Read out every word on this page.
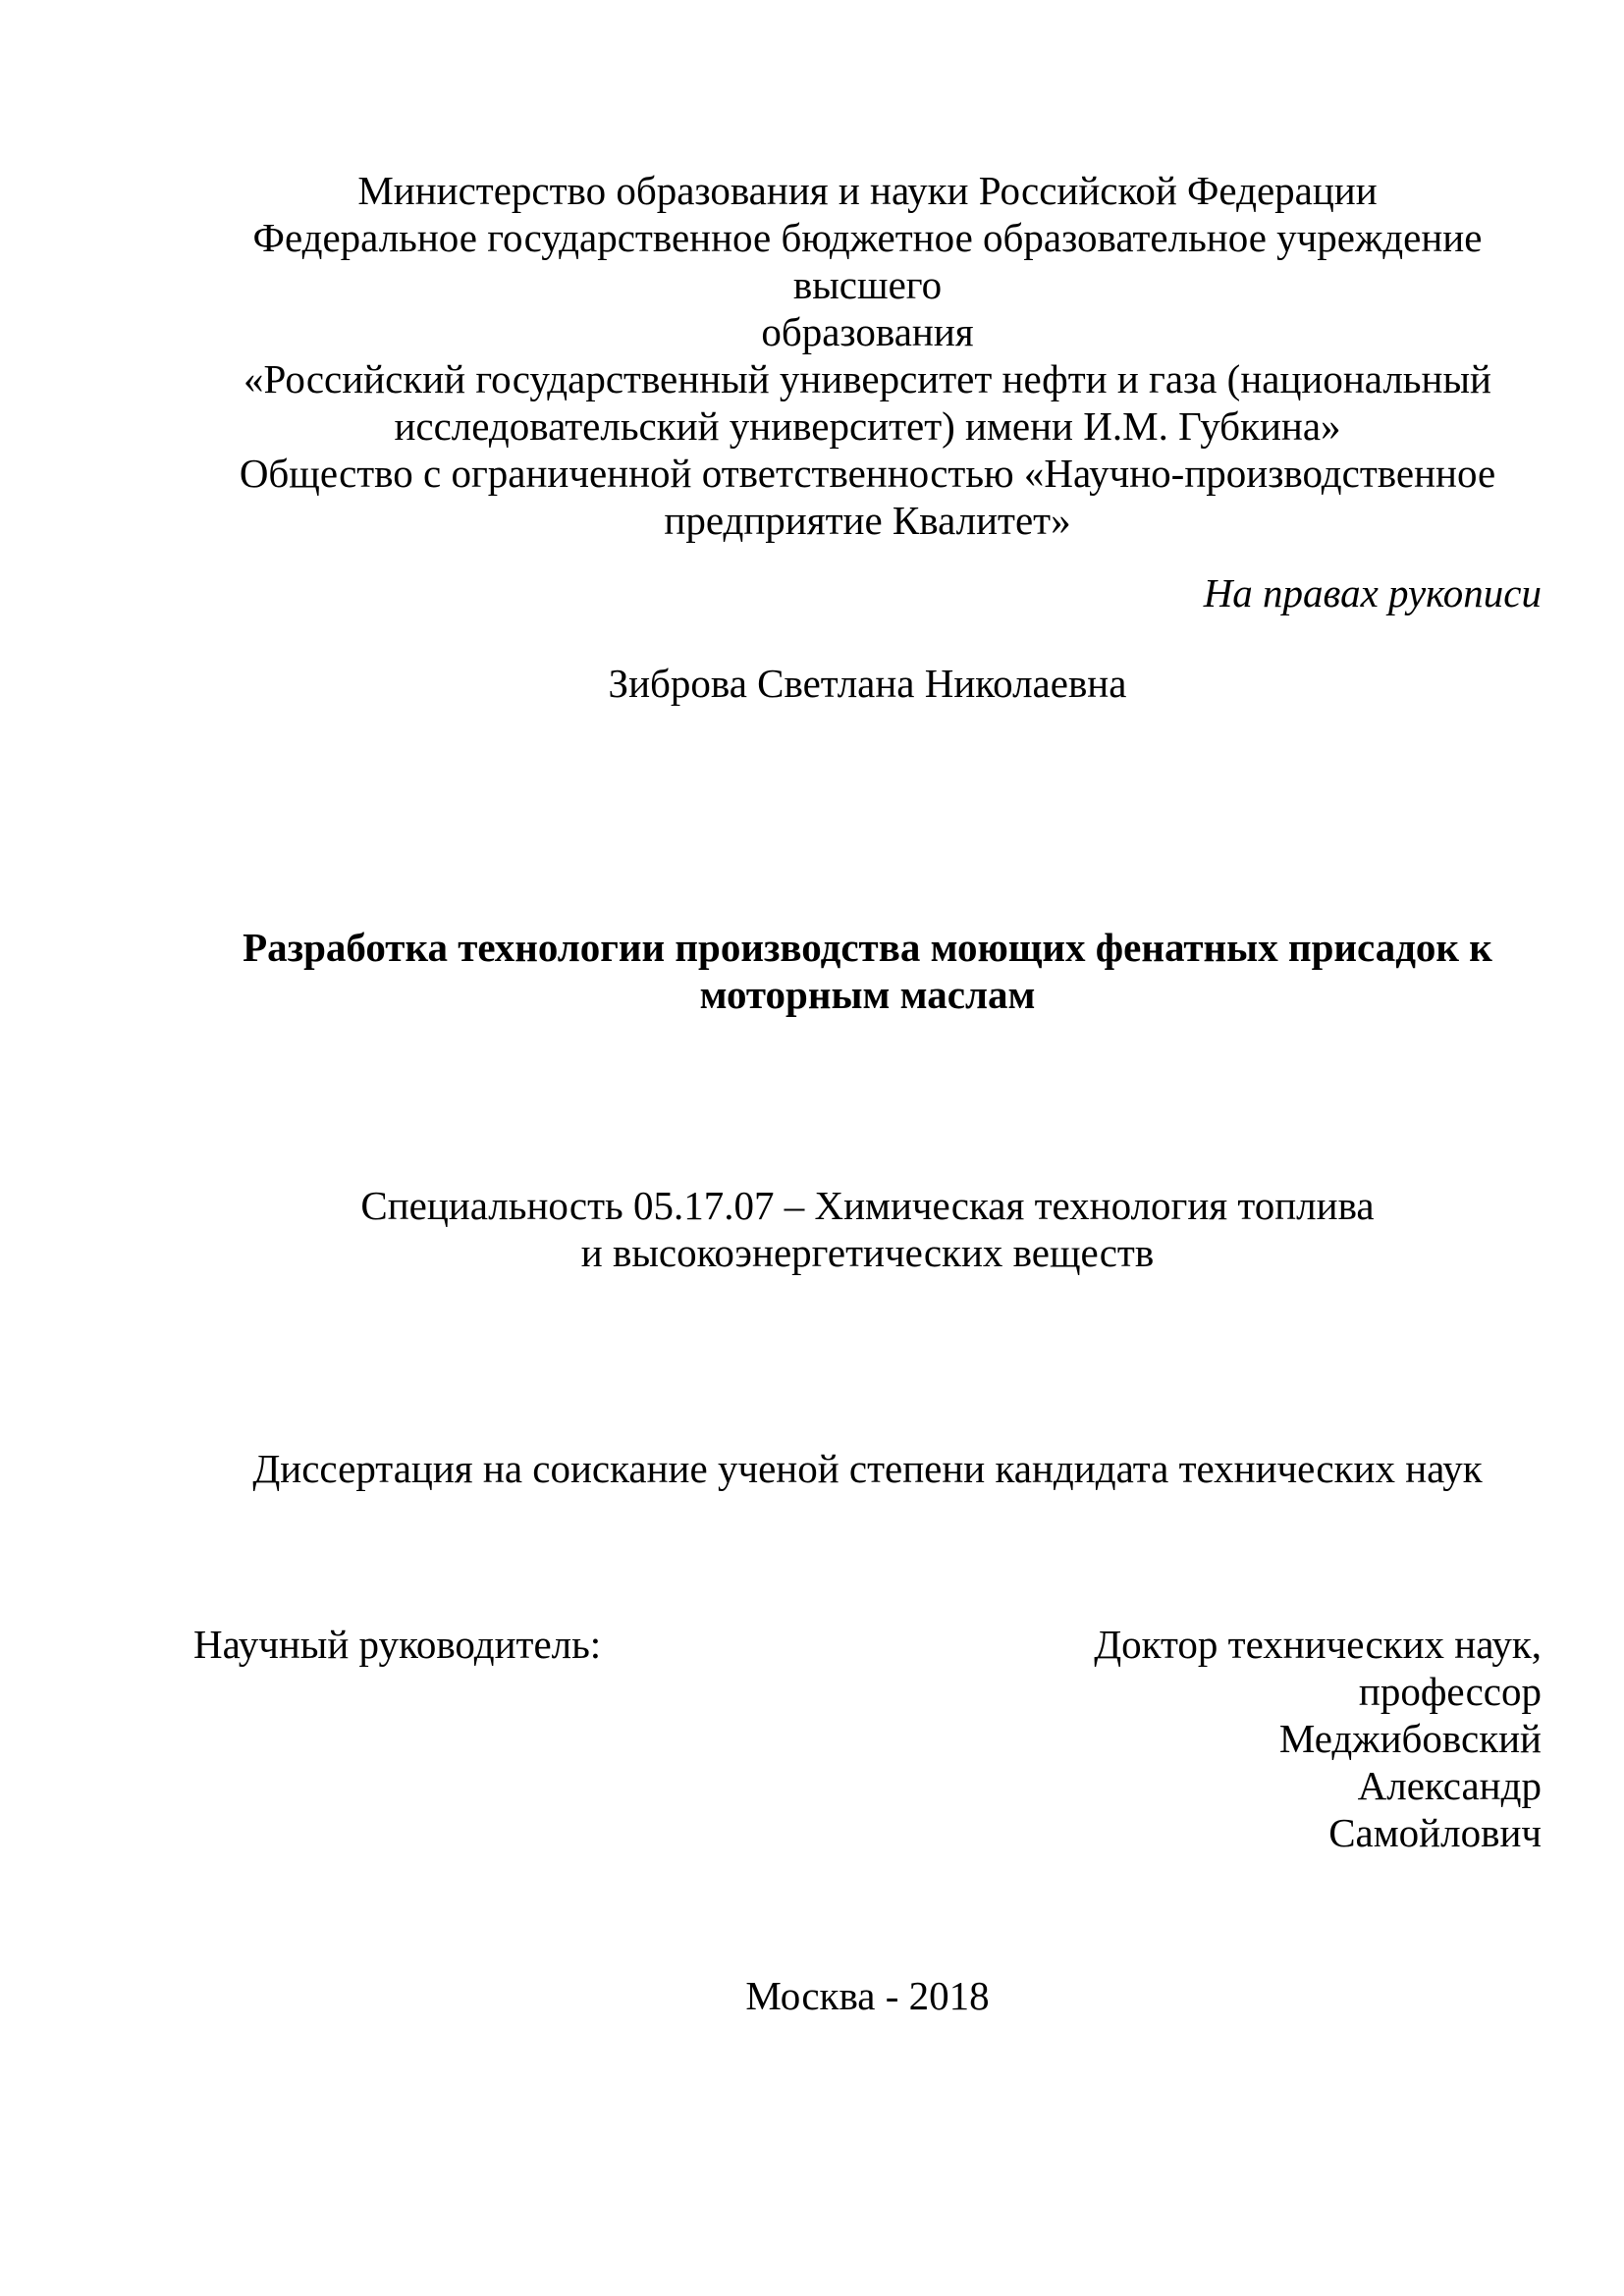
Министерство образования и науки Российской Федерации
Федеральное государственное бюджетное образовательное учреждение высшего
образования
«Российский государственный университет нефти и газа (национальный
исследовательский университет) имени И.М. Губкина»
Общество с ограниченной ответственностью «Научно-производственное
предприятие Квалитет»
На правах рукописи
Зиброва Светлана Николаевна
Разработка технологии производства моющих фенатных присадок к
моторным маслам
Специальность 05.17.07 – Химическая технология топлива
и высокоэнергетических веществ
Диссертация на соискание ученой степени кандидата технических наук
Научный руководитель:	Доктор технических наук,
профессор
Меджибовский
Александр
Самойлович
Москва - 2018
